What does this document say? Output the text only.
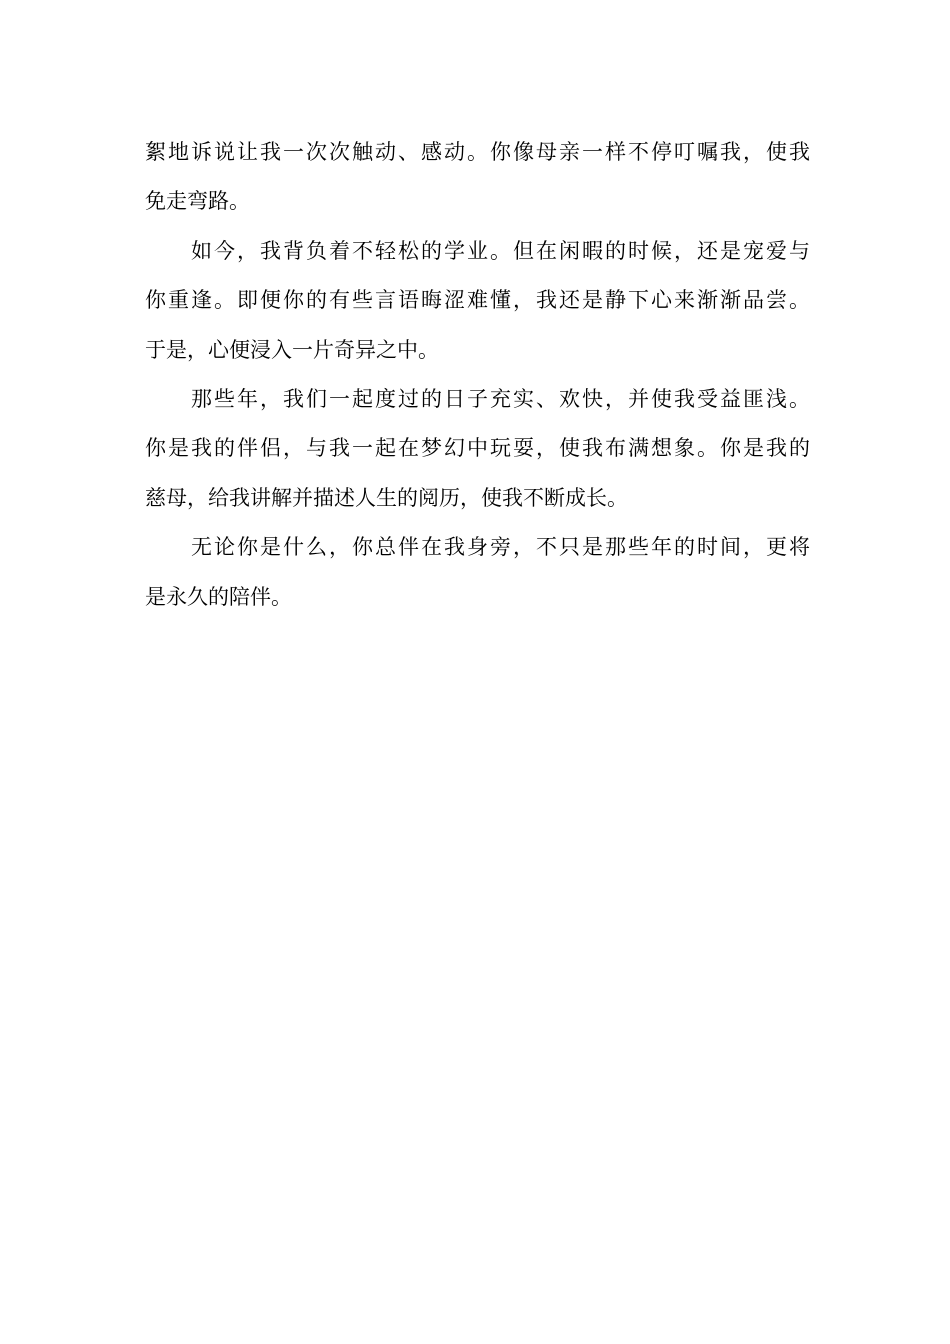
絮地诉说让我一次次触动、感动。你像母亲一样不停叮嘱我，使我
免走弯路。
如今，我背负着不轻松的学业。但在闲暇的时候，还是宠爱与
你重逢。即便你的有些言语晦涩难懂，我还是静下心来渐渐品尝。
于是，心便浸入一片奇异之中。
那些年，我们一起度过的日子充实、欢快，并使我受益匪浅。
你是我的伴侣，与我一起在梦幻中玩耍，使我布满想象。你是我的
慈母，给我讲解并描述人生的阅历，使我不断成长。
无论你是什么，你总伴在我身旁，不只是那些年的时间，更将
是永久的陪伴。
